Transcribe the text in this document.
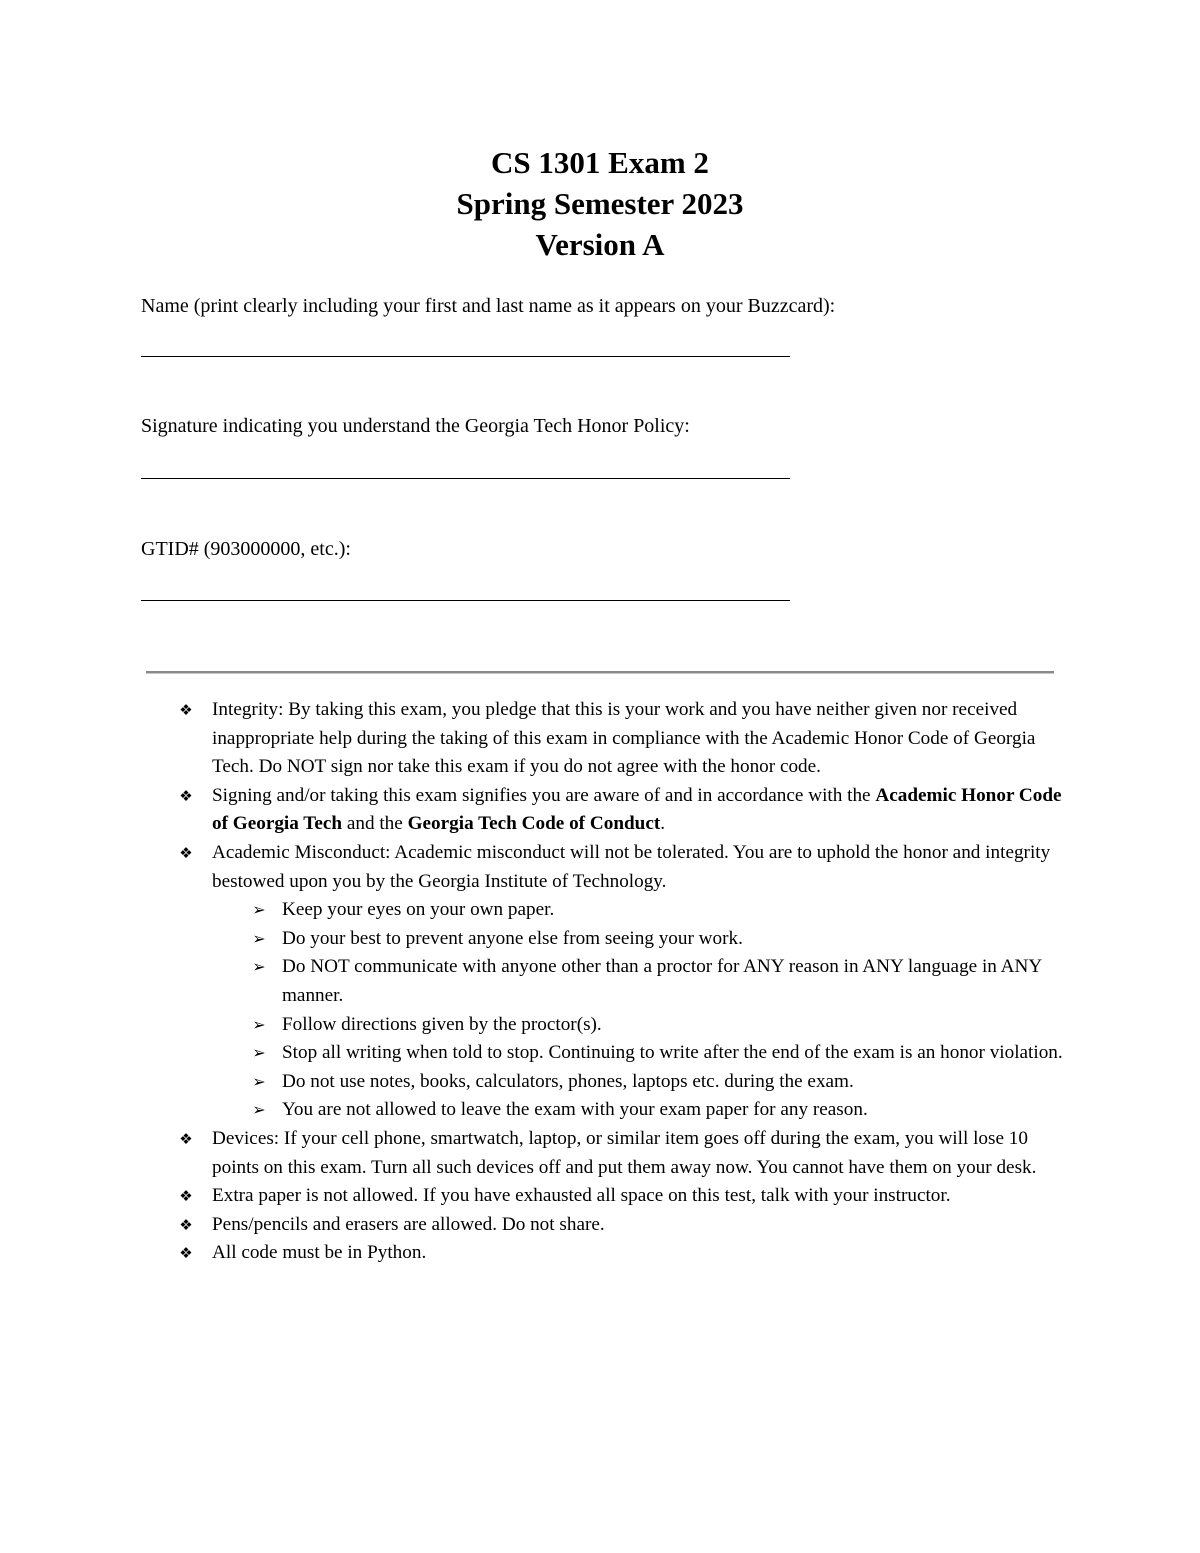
CS 1301 Exam 2
Spring Semester 2023
Version A
Name (print clearly including your first and last name as it appears on your Buzzcard):
Signature indicating you understand the Georgia Tech Honor Policy:
GTID# (903000000, etc.):
❖ Integrity: By taking this exam, you pledge that this is your work and you have neither given nor received inappropriate help during the taking of this exam in compliance with the Academic Honor Code of Georgia Tech. Do NOT sign nor take this exam if you do not agree with the honor code.
❖ Signing and/or taking this exam signifies you are aware of and in accordance with the Academic Honor Code of Georgia Tech and the Georgia Tech Code of Conduct.
❖ Academic Misconduct: Academic misconduct will not be tolerated. You are to uphold the honor and integrity bestowed upon you by the Georgia Institute of Technology.
➢ Keep your eyes on your own paper.
➢ Do your best to prevent anyone else from seeing your work.
➢ Do NOT communicate with anyone other than a proctor for ANY reason in ANY language in ANY manner.
➢ Follow directions given by the proctor(s).
➢ Stop all writing when told to stop. Continuing to write after the end of the exam is an honor violation.
➢ Do not use notes, books, calculators, phones, laptops etc. during the exam.
➢ You are not allowed to leave the exam with your exam paper for any reason.
❖ Devices: If your cell phone, smartwatch, laptop, or similar item goes off during the exam, you will lose 10 points on this exam. Turn all such devices off and put them away now. You cannot have them on your desk.
❖ Extra paper is not allowed. If you have exhausted all space on this test, talk with your instructor.
❖ Pens/pencils and erasers are allowed. Do not share.
❖ All code must be in Python.
